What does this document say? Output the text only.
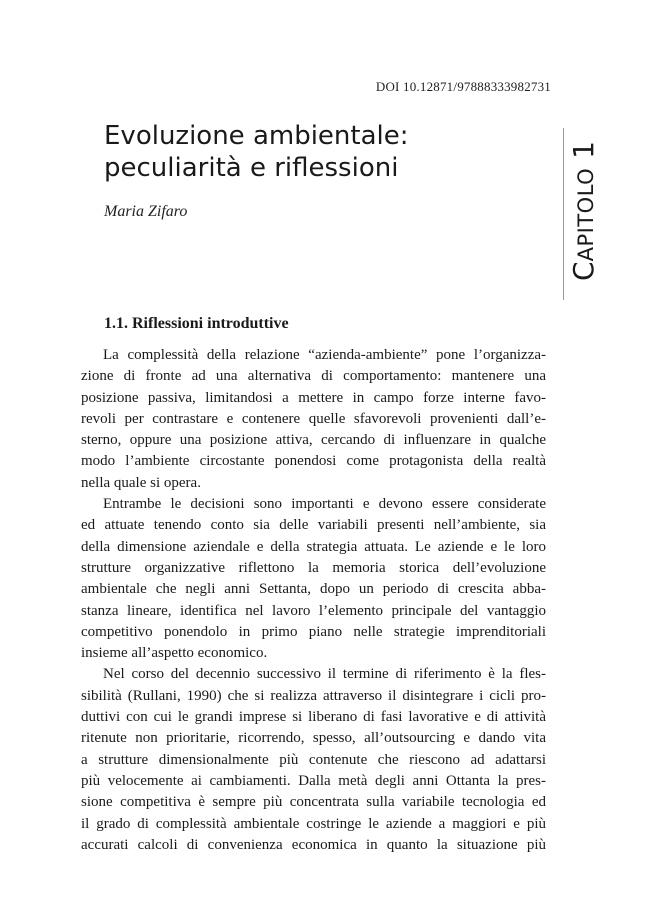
DOI 10.12871/97888333982731
Evoluzione ambientale:
peculiarità e riflessioni
Maria Zifaro
CAPITOLO 1
1.1. Riflessioni introduttive
La complessità della relazione “azienda-ambiente” pone l’organizza-
zione di fronte ad una alternativa di comportamento: mantenere una
posizione passiva, limitandosi a mettere in campo forze interne favo-
revoli per contrastare e contenere quelle sfavorevoli provenienti dall’e-
sterno, oppure una posizione attiva, cercando di influenzare in qualche
modo l’ambiente circostante ponendosi come protagonista della realtà
nella quale si opera.
Entrambe le decisioni sono importanti e devono essere considerate
ed attuate tenendo conto sia delle variabili presenti nell’ambiente, sia
della dimensione aziendale e della strategia attuata. Le aziende e le loro
strutture organizzative riflettono la memoria storica dell’evoluzione
ambientale che negli anni Settanta, dopo un periodo di crescita abba-
stanza lineare, identifica nel lavoro l’elemento principale del vantaggio
competitivo ponendolo in primo piano nelle strategie imprenditoriali
insieme all’aspetto economico.
Nel corso del decennio successivo il termine di riferimento è la fles-
sibilità (Rullani, 1990) che si realizza attraverso il disintegrare i cicli pro-
duttivi con cui le grandi imprese si liberano di fasi lavorative e di attività
ritenute non prioritarie, ricorrendo, spesso, all’outsourcing e dando vita
a strutture dimensionalmente più contenute che riescono ad adattarsi
più velocemente ai cambiamenti. Dalla metà degli anni Ottanta la pres-
sione competitiva è sempre più concentrata sulla variabile tecnologia ed
il grado di complessità ambientale costringe le aziende a maggiori e più
accurati calcoli di convenienza economica in quanto la situazione più
